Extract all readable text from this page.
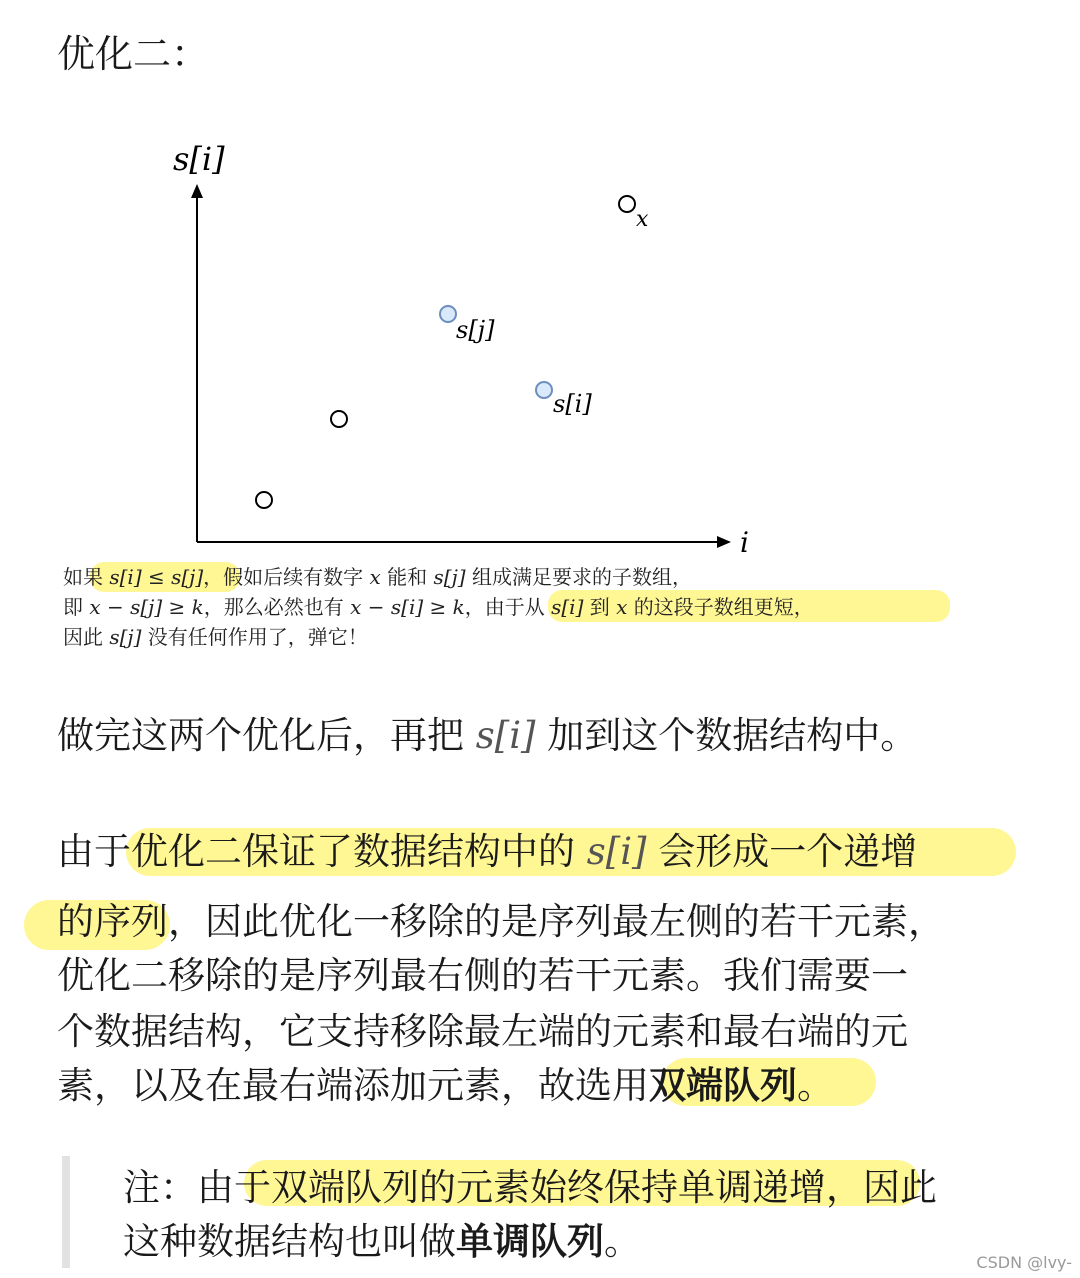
优化二：
s[i]
i
x
s[j]
s[i]
如果 s[i] ≤ s[j]，假如后续有数字 x 能和 s[j] 组成满足要求的子数组，
即 x − s[j] ≥ k，那么必然也有 x − s[i] ≥ k，由于从 s[i] 到 x 的这段子数组更短，
因此 s[j] 没有任何作用了，弹它！
做完这两个优化后，再把 s[i] 加到这个数据结构中。
由于优化二保证了数据结构中的 s[i] 会形成一个递增
的序列，因此优化一移除的是序列最左侧的若干元素，
优化二移除的是序列最右侧的若干元素。我们需要一
个数据结构，它支持移除最左端的元素和最右端的元
素，以及在最右端添加元素，故选用双端队列。
注：由于双端队列的元素始终保持单调递增，因此
这种数据结构也叫做单调队列。	CSDN @lvy-
